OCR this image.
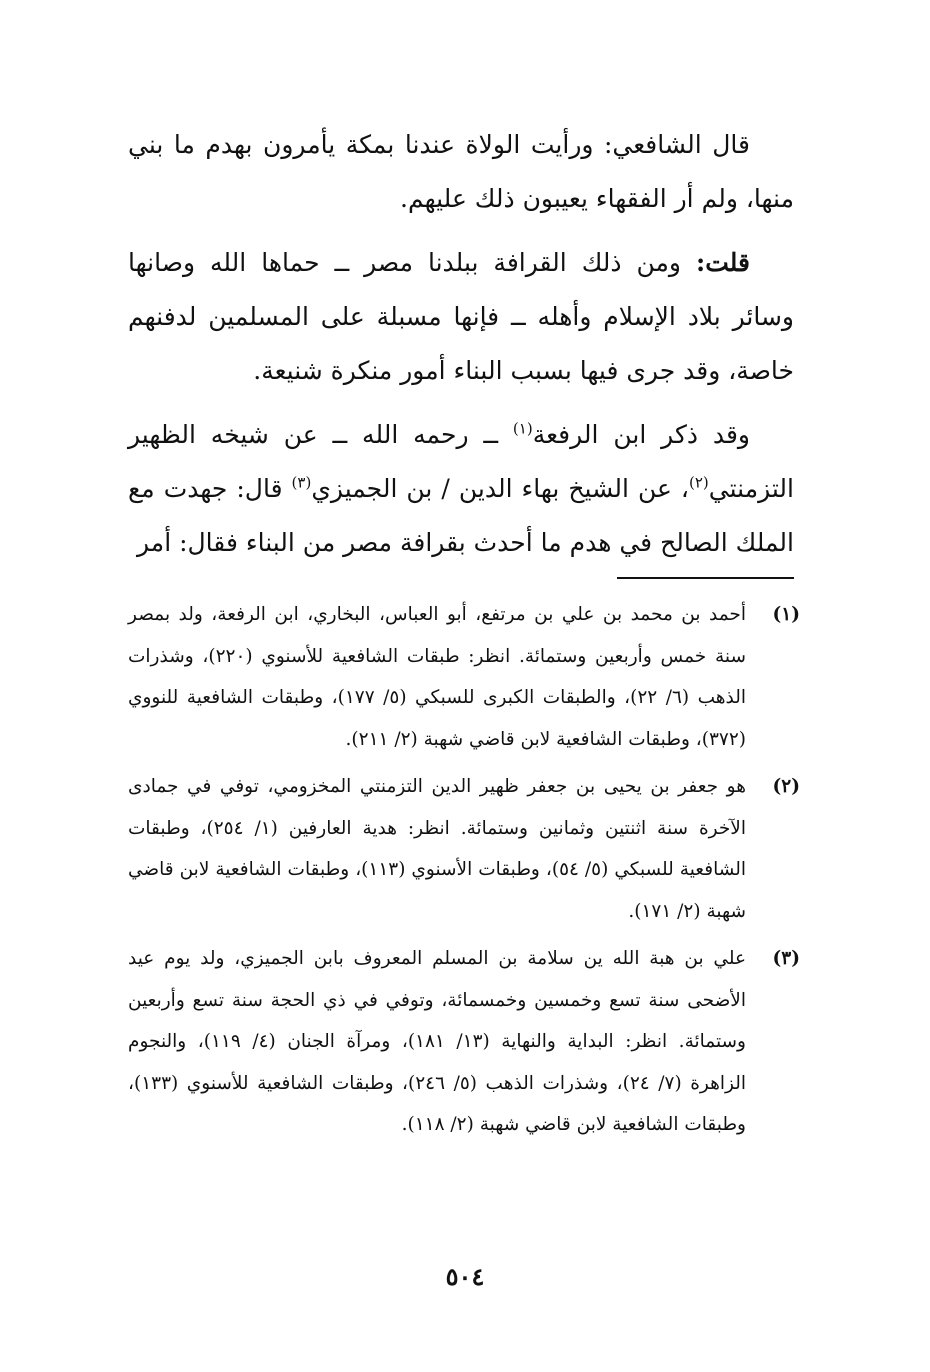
قال الشافعي: ورأيت الولاة عندنا بمكة يأمرون بهدم ما بني منها، ولم أر الفقهاء يعيبون ذلك عليهم.

قلت: ومن ذلك القرافة ببلدنا مصر ــ حماها الله وصانها وسائر بلاد الإسلام وأهله ــ فإنها مسبلة على المسلمين لدفنهم خاصة، وقد جرى فيها بسبب البناء أمور منكرة شنيعة.

وقد ذكر ابن الرفعة$^{(١)}$ ــ رحمه الله ــ عن شيخه الظهير التزمنتي$^{(٢)}$، عن الشيخ بهاء الدين / بن الجميزي$^{(٣)}$ قال: جهدت مع الملك الصالح في هدم ما أحدث بقرافة مصر من البناء فقال: أمر

(١)
أحمد بن محمد بن علي بن مرتفع، أبو العباس، البخاري، ابن الرفعة، ولد بمصر سنة خمس وأربعين وستمائة. انظر: طبقات الشافعية للأسنوي (٢٢٠)، وشذرات الذهب (٦/ ٢٢)، والطبقات الكبرى للسبكي (٥/ ١٧٧)، وطبقات الشافعية للنووي (٣٧٢)، وطبقات الشافعية لابن قاضي شهبة (٢/ ٢١١).
(٢)
هو جعفر بن يحيى بن جعفر ظهير الدين التزمنتي المخزومي، توفي في جمادى الآخرة سنة اثنتين وثمانين وستمائة. انظر: هدية العارفين (١/ ٢٥٤)، وطبقات الشافعية للسبكي (٥/ ٥٤)، وطبقات الأسنوي (١١٣)، وطبقات الشافعية لابن قاضي شهبة (٢/ ١٧١).
(٣)
علي بن هبة الله ين سلامة بن المسلم المعروف بابن الجميزي، ولد يوم عيد الأضحى سنة تسع وخمسين وخمسمائة، وتوفي في ذي الحجة سنة تسع وأربعين وستمائة. انظر: البداية والنهاية (١٣/ ١٨١)، ومرآة الجنان (٤/ ١١٩)، والنجوم الزاهرة (٧/ ٢٤)، وشذرات الذهب (٥/ ٢٤٦)، وطبقات الشافعية للأسنوي (١٣٣)، وطبقات الشافعية لابن قاضي شهبة (٢/ ١١٨).
٥٠٤
